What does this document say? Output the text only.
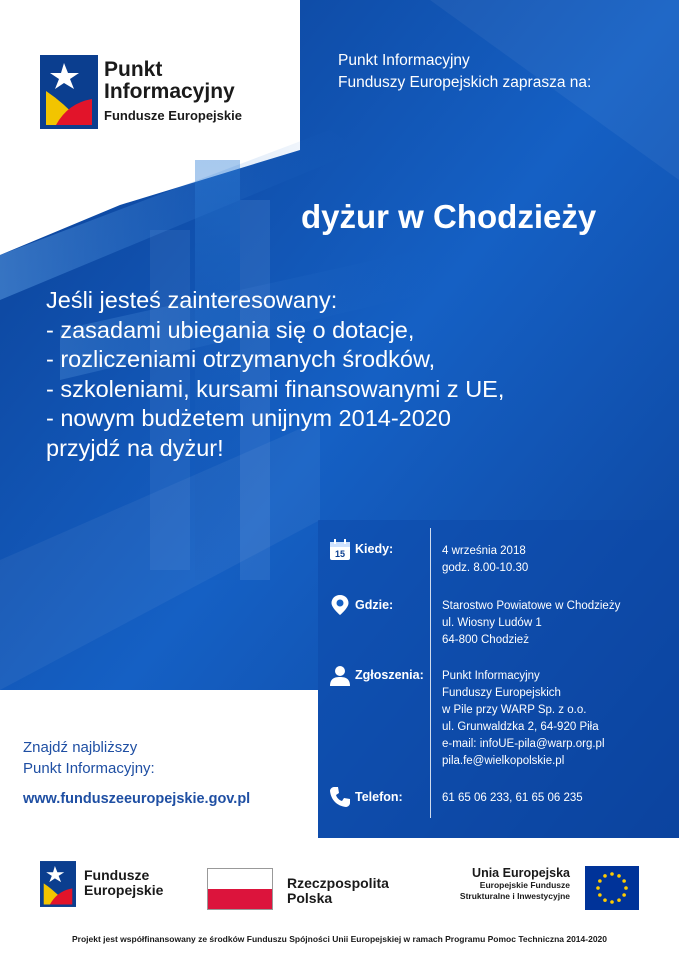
Punkt
Informacyjny
Fundusze Europejskie
Punkt Informacyjny
Funduszy Europejskich zaprasza na:
dyżur w Chodzieży
Jeśli jesteś zainteresowany:
- zasadami ubiegania się o dotacje,
- rozliczeniami otrzymanych środków,
- szkoleniami, kursami finansowanymi z UE,
- nowym budżetem unijnym 2014-2020
przyjdź na dyżur!
15 Kiedy:	4 września 2018
godz. 8.00-10.30
Gdzie:	Starostwo Powiatowe w Chodzieży
ul. Wiosny Ludów 1
64-800 Chodzież
Zgłoszenia: Punkt Informacyjny
Funduszy Europejskich
w Pile przy WARP Sp. z o.o.
ul. Grunwaldzka 2, 64-920 Piła
e-mail: infoUE-pila@warp.org.pl
pila.fe@wielkopolskie.pl
Telefon:	61 65 06 233, 61 65 06 235
Znajdź najbliższy
Punkt Informacyjny:
www.funduszeeuropejskie.gov.pl
Fundusze
Europejskie	Rzeczpospolita
Polska
Unia Europejska
Europejskie Fundusze
Strukturalne i Inwestycyjne
Projekt jest współfinansowany ze środków Funduszu Spójności Unii Europejskiej w ramach Programu Pomoc Techniczna 2014-2020
